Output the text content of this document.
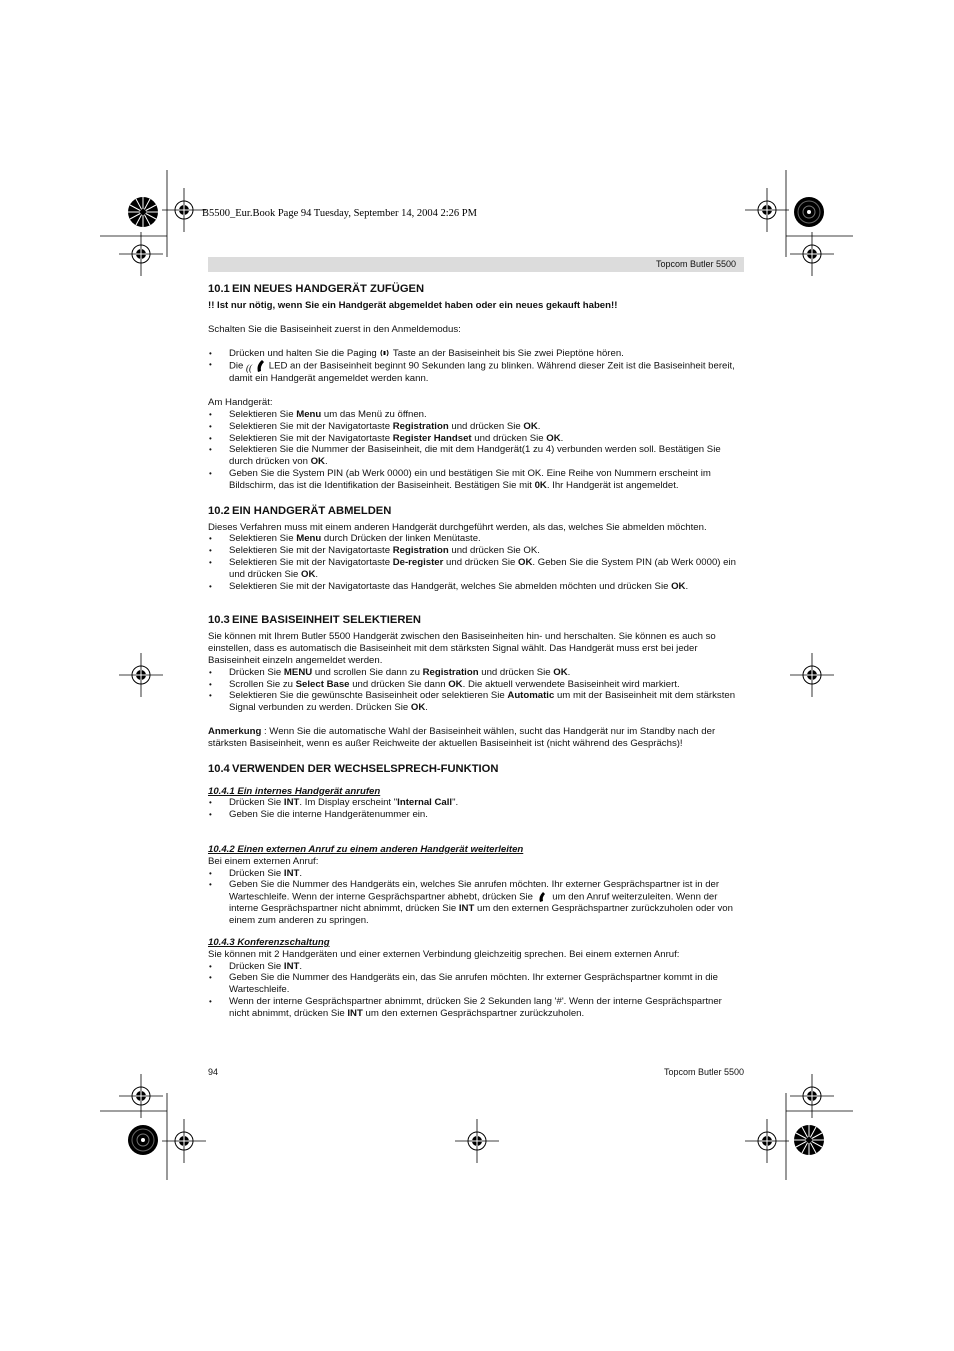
B5500_Eur.Book Page 94 Tuesday, September 14, 2004 2:26 PM
Topcom Butler 5500
10.1 EIN NEUES HANDGERÄT ZUFÜGEN

!! Ist nur nötig, wenn Sie ein Handgerät abgemeldet haben oder ein neues gekauft haben!!

Schalten Sie die Basiseinheit zuerst in den Anmeldemodus:

• Drücken und halten Sie die Paging  Taste an der Basiseinheit bis Sie zwei Pieptöne hören.
• Die (( LED an der Basiseinheit beginnt 90 Sekunden lang zu blinken. Während dieser Zeit ist die Basiseinheit bereit, damit ein Handgerät angemeldet werden kann.

Am Handgerät:

• Selektieren Sie Menu um das Menü zu öffnen.
• Selektieren Sie mit der Navigatortaste Registration und drücken Sie OK.
• Selektieren Sie mit der Navigatortaste Register Handset und drücken Sie OK.
• Selektieren Sie die Nummer der Basiseinheit, die mit dem Handgerät(1 zu 4) verbunden werden soll. Bestätigen Sie durch drücken von OK.
• Geben Sie die System PIN (ab Werk 0000) ein und bestätigen Sie mit OK. Eine Reihe von Nummern erscheint im Bildschirm, das ist die Identifikation der Basiseinheit. Bestätigen Sie mit 0K. Ihr Handgerät ist angemeldet.
10.2 EIN HANDGERÄT ABMELDEN

Dieses Verfahren muss mit einem anderen Handgerät durchgeführt werden, als das, welches Sie abmelden möchten.

• Selektieren Sie Menu durch Drücken der linken Menütaste.
• Selektieren Sie mit der Navigatortaste Registration und drücken Sie OK.
• Selektieren Sie mit der Navigatortaste De-register und drücken Sie OK. Geben Sie die System PIN (ab Werk 0000) ein und drücken Sie OK.
• Selektieren Sie mit der Navigatortaste das Handgerät, welches Sie abmelden möchten und drücken Sie OK.
10.3 EINE BASISEINHEIT SELEKTIEREN

Sie können mit Ihrem Butler 5500 Handgerät zwischen den Basiseinheiten hin- und herschalten. Sie können es auch so einstellen, dass es automatisch die Basiseinheit mit dem stärksten Signal wählt. Das Handgerät muss erst bei jeder Basiseinheit einzeln angemeldet werden.

• Drücken Sie MENU und scrollen Sie dann zu Registration und drücken Sie OK.
• Scrollen Sie zu Select Base und drücken Sie dann OK. Die aktuell verwendete Basiseinheit wird markiert.
• Selektieren Sie die gewünschte Basiseinheit oder selektieren Sie Automatic um mit der Basiseinheit mit dem stärksten Signal verbunden zu werden. Drücken Sie OK.

Anmerkung : Wenn Sie die automatische Wahl der Basiseinheit wählen, sucht das Handgerät nur im Standby nach der stärksten Basiseinheit, wenn es außer Reichweite der aktuellen Basiseinheit ist (nicht während des Gesprächs)!

10.4 VERWENDEN DER WECHSELSPRECH-FUNKTION

10.4.1 Ein internes Handgerät anrufen

• Drücken Sie INT. Im Display erscheint "Internal Call".
• Geben Sie die interne Handgerätenummer ein.

10.4.2 Einen externen Anruf zu einem anderen Handgerät weiterleiten

Bei einem externen Anruf:

• Drücken Sie INT.
• Geben Sie die Nummer des Handgeräts ein, welches Sie anrufen möchten. Ihr externer Gesprächspartner ist in der Warteschleife. Wenn der interne Gesprächspartner abhebt, drücken Sie  um den Anruf weiterzuleiten. Wenn der interne Gesprächspartner nicht abnimmt, drücken Sie INT um den externen Gesprächspartner zurückzuholen oder von einem zum anderen zu springen.

10.4.3 Konferenzschaltung

Sie können mit 2 Handgeräten und einer externen Verbindung gleichzeitig sprechen. Bei einem externen Anruf:

• Drücken Sie INT.
• Geben Sie die Nummer des Handgeräts ein, das Sie anrufen möchten. Ihr externer Gesprächspartner kommt in die Warteschleife.
• Wenn der interne Gesprächspartner abnimmt, drücken Sie 2 Sekunden lang '#'. Wenn der interne Gesprächspartner nicht abnimmt, drücken Sie INT um den externen Gesprächspartner zurückzuholen.
94	Topcom Butler 5500
